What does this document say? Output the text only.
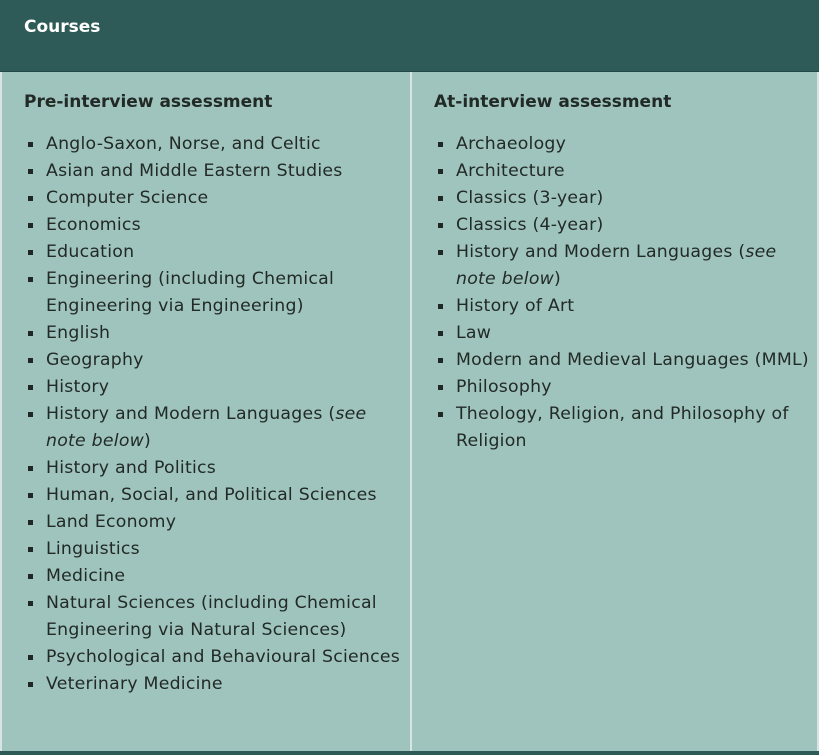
Courses
Pre-interview assessment
Anglo-Saxon, Norse, and Celtic
Asian and Middle Eastern Studies
Computer Science
Economics
Education
Engineering (including Chemical Engineering via Engineering)
English
Geography
History
History and Modern Languages (see note below)
History and Politics
Human, Social, and Political Sciences
Land Economy
Linguistics
Medicine
Natural Sciences (including Chemical Engineering via Natural Sciences)
Psychological and Behavioural Sciences
Veterinary Medicine
At-interview assessment
Archaeology
Architecture
Classics (3-year)
Classics (4-year)
History and Modern Languages (see note below)
History of Art
Law
Modern and Medieval Languages (MML)
Philosophy
Theology, Religion, and Philosophy of Religion
